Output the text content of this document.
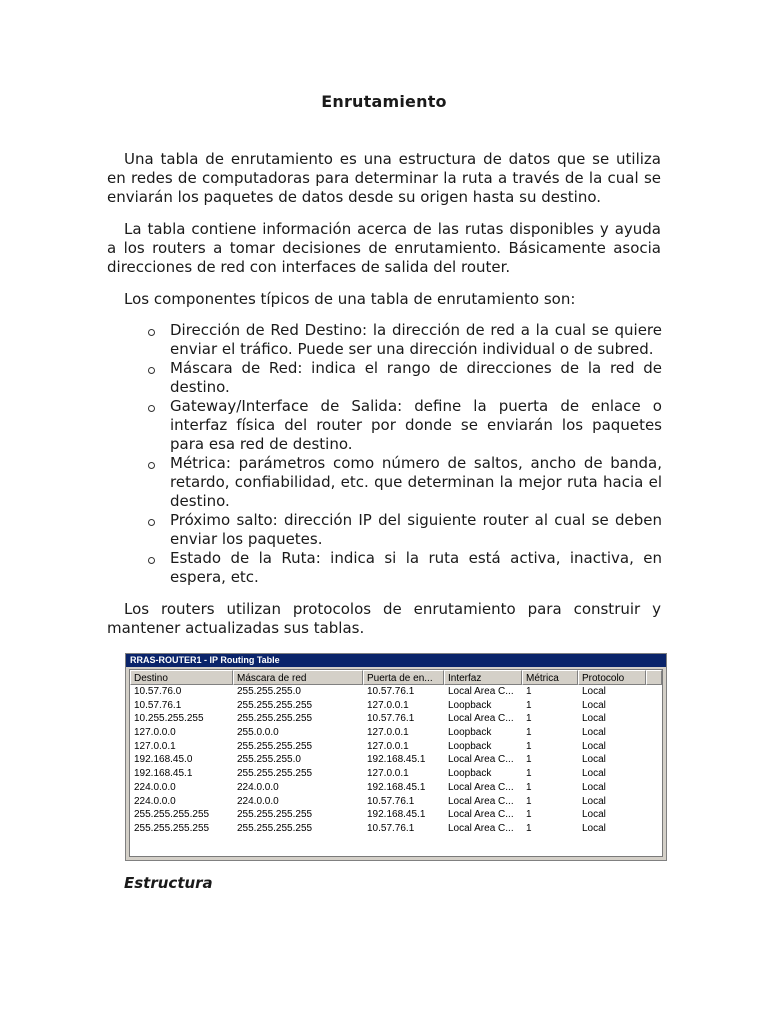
Enrutamiento

Una tabla de enrutamiento es una estructura de datos que se utiliza en redes de computadoras para determinar la ruta a través de la cual se enviarán los paquetes de datos desde su origen hasta su destino.

La tabla contiene información acerca de las rutas disponibles y ayuda a los routers a tomar decisiones de enrutamiento. Básicamente asocia direcciones de red con interfaces de salida del router.

Los componentes típicos de una tabla de enrutamiento son:

Dirección de Red Destino: la dirección de red a la cual se quiere enviar el tráfico. Puede ser una dirección individual o de subred.
Máscara de Red: indica el rango de direcciones de la red de destino.
Gateway/Interface de Salida: define la puerta de enlace o interfaz física del router por donde se enviarán los paquetes para esa red de destino.
Métrica: parámetros como número de saltos, ancho de banda, retardo, confiabilidad, etc. que determinan la mejor ruta hacia el destino.
Próximo salto: dirección IP del siguiente router al cual se deben enviar los paquetes.
Estado de la Ruta: indica si la ruta está activa, inactiva, en espera, etc.

Los routers utilizan protocolos de enrutamiento para construir y mantener actualizadas sus tablas.

RRAS-ROUTER1 - IP Routing Table
Destino	Máscara de red	Puerta de en...	Interfaz	Métrica	Protocolo
10.57.76.0	255.255.255.0	10.57.76.1	Local Area C...	1	Local
10.57.76.1	255.255.255.255	127.0.0.1	Loopback	1	Local
10.255.255.255	255.255.255.255	10.57.76.1	Local Area C...	1	Local
127.0.0.0	255.0.0.0	127.0.0.1	Loopback	1	Local
127.0.0.1	255.255.255.255	127.0.0.1	Loopback	1	Local
192.168.45.0	255.255.255.0	192.168.45.1	Local Area C...	1	Local
192.168.45.1	255.255.255.255	127.0.0.1	Loopback	1	Local
224.0.0.0	224.0.0.0	192.168.45.1	Local Area C...	1	Local
224.0.0.0	224.0.0.0	10.57.76.1	Local Area C...	1	Local
255.255.255.255	255.255.255.255	192.168.45.1	Local Area C...	1	Local
255.255.255.255	255.255.255.255	10.57.76.1	Local Area C...	1	Local
Estructura
